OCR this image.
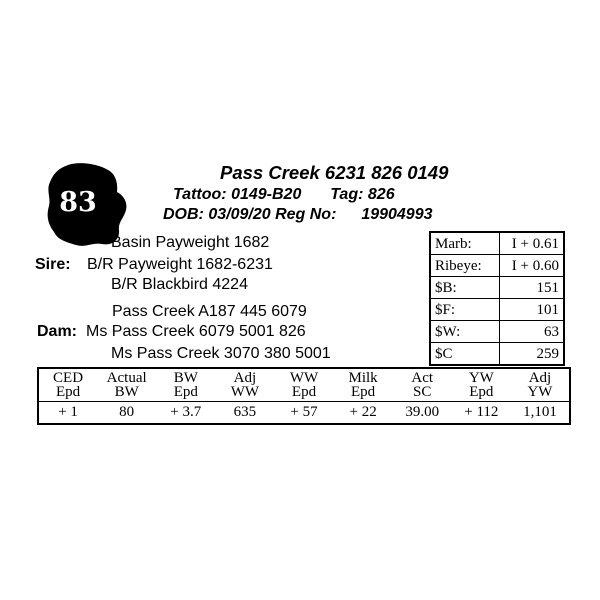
83
Pass Creek 6231 826 0149
Tattoo: 0149-B20 Tag: 826
DOB: 03/09/20 Reg No: 19904993
Basin Payweight 1682
Sire: B/R Payweight 1682-6231
B/R Blackbird 4224
Pass Creek A187 445 6079
Dam: Ms Pass Creek 6079 5001 826
Ms Pass Creek 3070 380 5001
Marb:	I + 0.61
Ribeye:	I + 0.60
$B:	151
$F:	101
$W:	63
$C	259
CED	Actual	BW	Adj	WW	Milk	Act	YW	Adj
Epd	BW	Epd	WW	Epd	Epd	SC	Epd	YW
+ 1	80	+ 3.7	635	+ 57	+ 22	39.00	+ 112	1,101
